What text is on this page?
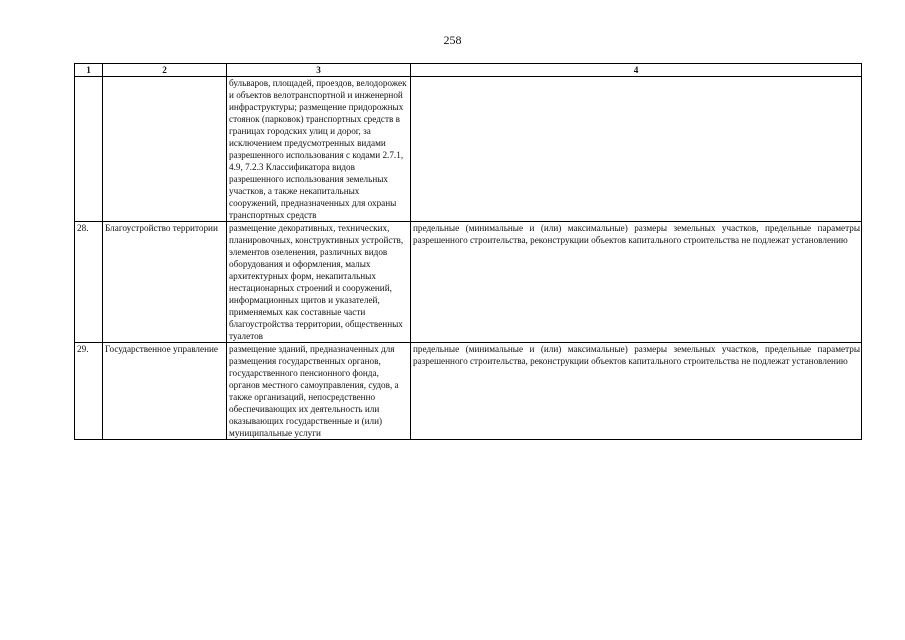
258
1	2	3	4
		бульваров, площадей, проездов, велодорожек и объектов велотранспортной и инженерной инфраструктуры; размещение придорожных стоянок (парковок) транспортных средств в границах городских улиц и дорог, за исключением предусмотренных видами разрешенного использования с кодами 2.7.1, 4.9, 7.2.3 Классификатора видов разрешенного использования земельных участков, а также некапитальных сооружений, предназначенных для охраны транспортных средств	
28.	Благоустройство территории	размещение декоративных, технических, планировочных, конструктивных устройств, элементов озеленения, различных видов оборудования и оформления, малых архитектурных форм, некапитальных нестационарных строений и сооружений, информационных щитов и указателей, применяемых как составные части благоустройства территории, общественных туалетов	предельные (минимальные и (или) максимальные) размеры земельных участков, предельные параметры разрешенного строительства, реконструкции объектов капитального строительства не подлежат установлению
29.	Государственное управление	размещение зданий, предназначенных для размещения государственных органов, государственного пенсионного фонда, органов местного самоуправления, судов, а также организаций, непосредственно обеспечивающих их деятельность или оказывающих государственные и (или) муниципальные услуги	предельные (минимальные и (или) максимальные) размеры земельных участков, предельные параметры разрешенного строительства, реконструкции объектов капитального строительства не подлежат установлению
